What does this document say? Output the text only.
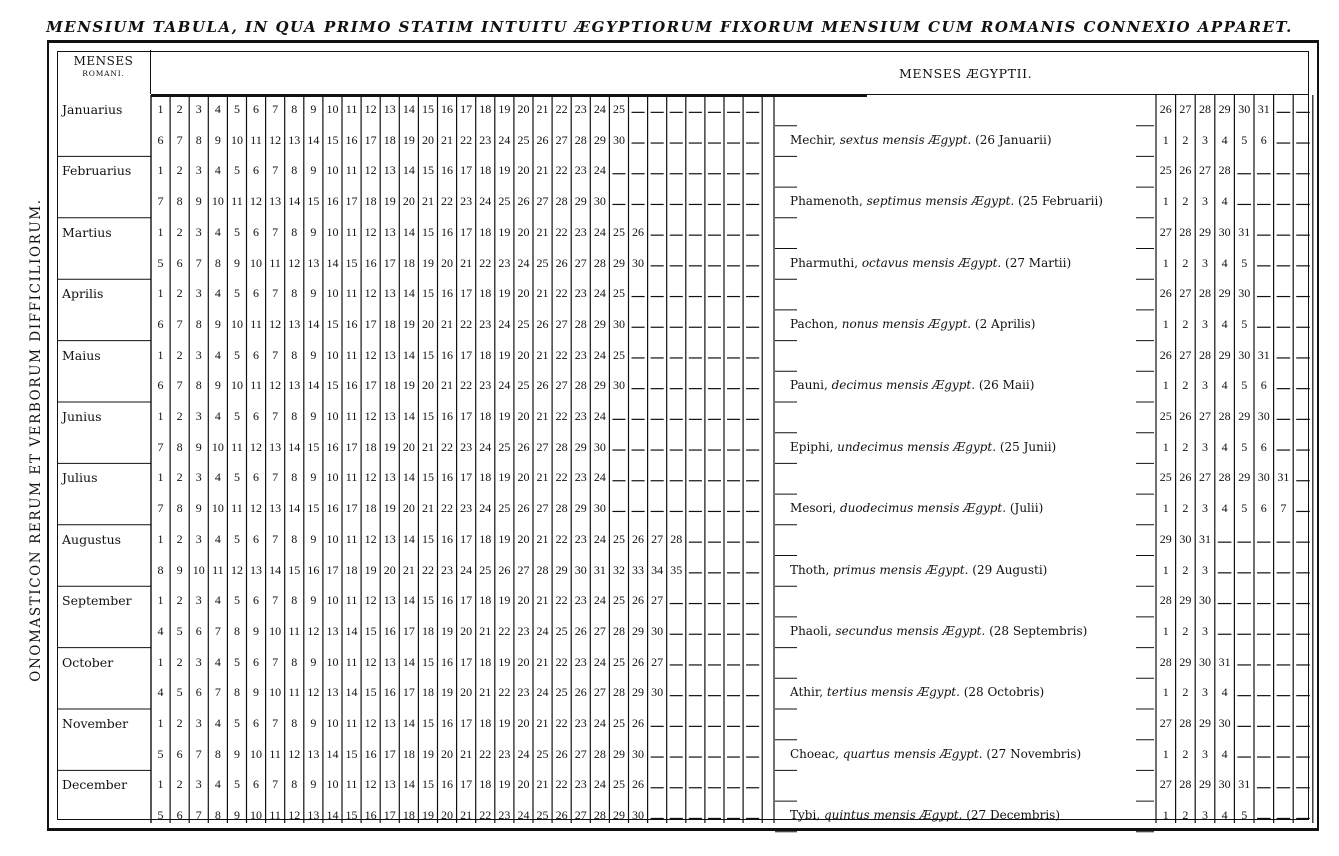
MENSIUM TABULA, IN QUA PRIMO STATIM INTUITU ÆGYPTIORUM FIXORUM MENSIUM CUM ROMANIS CONNEXIO APPARET.
ONOMASTICON RERUM ET VERBORUM DIFFICILIORUM.
MENSES
ROMANI.	MENSES ÆGYPTII.
Januarius	1 2 3 4 5 6 7 8 9 10 11 12 13 14 15 16 17 18 19 20 21 22 23 24 25	26 27 28 29 30 31
6 7 8 9 10 11 12 13 14 15 16 17 18 19 20 21 22 23 24 25 26 27 28 29 30	Mechir, sextus mensis Ægypt. (26 Januarii)	1 2 3 4 5 6
Februarius 1 2 3 4 5 6 7 8 9 10 11 12 13 14 15 16 17 18 19 20 21 22 23 24	25 26 27 28
7 8 9 10 11 12 13 14 15 16 17 18 19 20 21 22 23 24 25 26 27 28 29 30	Phamenoth, septimus mensis Ægypt. (25 Februarii)	1 2 3 4
Martius	1 2 3 4 5 6 7 8 9 10 11 12 13 14 15 16 17 18 19 20 21 22 23 24 25 26	27 28 29 30 31
5 6 7 8 9 10 11 12 13 14 15 16 17 18 19 20 21 22 23 24 25 26 27 28 29 30	Pharmuthi, octavus mensis Ægypt. (27 Martii)	1 2 3 4 5
Aprilis	1 2 3 4 5 6 7 8 9 10 11 12 13 14 15 16 17 18 19 20 21 22 23 24 25	26 27 28 29 30
6 7 8 9 10 11 12 13 14 15 16 17 18 19 20 21 22 23 24 25 26 27 28 29 30	Pachon, nonus mensis Ægypt. (2 Aprilis)	1 2 3 4 5
Maius	1 2 3 4 5 6 7 8 9 10 11 12 13 14 15 16 17 18 19 20 21 22 23 24 25	26 27 28 29 30 31
6 7 8 9 10 11 12 13 14 15 16 17 18 19 20 21 22 23 24 25 26 27 28 29 30	Pauni, decimus mensis Ægypt. (26 Maii)	1 2 3 4 5 6
Junius	1 2 3 4 5 6 7 8 9 10 11 12 13 14 15 16 17 18 19 20 21 22 23 24	25 26 27 28 29 30
7 8 9 10 11 12 13 14 15 16 17 18 19 20 21 22 23 24 25 26 27 28 29 30	Epiphi, undecimus mensis Ægypt. (25 Junii)	1 2 3 4 5 6
Julius	1 2 3 4 5 6 7 8 9 10 11 12 13 14 15 16 17 18 19 20 21 22 23 24	25 26 27 28 29 30 31
7 8 9 10 11 12 13 14 15 16 17 18 19 20 21 22 23 24 25 26 27 28 29 30	Mesori, duodecimus mensis Ægypt. (Julii)	1 2 3 4 5 6 7
Augustus	1 2 3 4 5 6 7 8 9 10 11 12 13 14 15 16 17 18 19 20 21 22 23 24 25 26 27 28	29 30 31
8 9 10 11 12 13 14 15 16 17 18 19 20 21 22 23 24 25 26 27 28 29 30 31 32 33 34 35	Thoth, primus mensis Ægypt. (29 Augusti)	1 2 3
September 1 2 3 4 5 6 7 8 9 10 11 12 13 14 15 16 17 18 19 20 21 22 23 24 25 26 27	28 29 30
4 5 6 7 8 9 10 11 12 13 14 15 16 17 18 19 20 21 22 23 24 25 26 27 28 29 30	Phaoli, secundus mensis Ægypt. (28 Septembris)	1 2 3
October	1 2 3 4 5 6 7 8 9 10 11 12 13 14 15 16 17 18 19 20 21 22 23 24 25 26 27	28 29 30 31
4 5 6 7 8 9 10 11 12 13 14 15 16 17 18 19 20 21 22 23 24 25 26 27 28 29 30	Athir, tertius mensis Ægypt. (28 Octobris)	1 2 3 4
November 1 2 3 4 5 6 7 8 9 10 11 12 13 14 15 16 17 18 19 20 21 22 23 24 25 26	27 28 29 30
5 6 7 8 9 10 11 12 13 14 15 16 17 18 19 20 21 22 23 24 25 26 27 28 29 30	Choeac, quartus mensis Ægypt. (27 Novembris)	1 2 3 4
December	1 2 3 4 5 6 7 8 9 10 11 12 13 14 15 16 17 18 19 20 21 22 23 24 25 26	27 28 29 30 31
5 6 7 8 9 10 11 12 13 14 15 16 17 18 19 20 21 22 23 24 25 26 27 28 29 30	Tybi, quintus mensis Ægypt. (27 Decembris)	1 2 3 4 5
